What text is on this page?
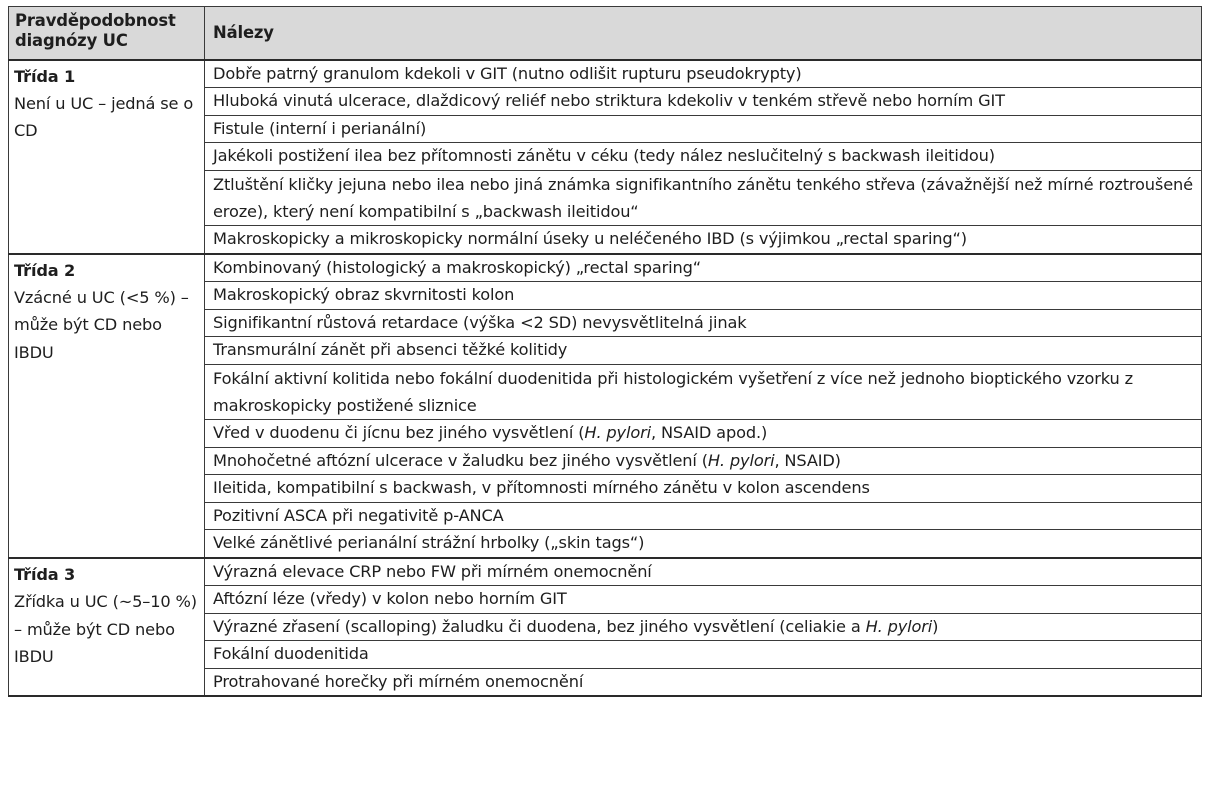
Pravděpodobnost diagnózy UC	Nálezy

Třída 1
Není u UC – jedná se o CD	Dobře patrný granulom kdekoli v GIT (nutno odlišit rupturu pseudokrypty)
	Hluboká vinutá ulcerace, dlaždicový reliéf nebo striktura kdekoliv v tenkém střevě nebo horním GIT
	Fistule (interní i perianální)
	Jakékoli postižení ilea bez přítomnosti zánětu v céku (tedy nález neslučitelný s backwash ileitidou)
	Ztluštění kličky jejuna nebo ilea nebo jiná známka signifikantního zánětu tenkého střeva (závažnější než mírné roztroušené eroze), který není kompatibilní s „backwash ileitidou“
	Makroskopicky a mikroskopicky normální úseky u neléčeného IBD (s výjimkou „rectal sparing“)

Třída 2
Vzácné u UC (<5 %) – může být CD nebo IBDU	Kombinovaný (histologický a makroskopický) „rectal sparing“
	Makroskopický obraz skvrnitosti kolon
	Signifikantní růstová retardace (výška <2 SD) nevysvětlitelná jinak
	Transmurální zánět při absenci těžké kolitidy
	Fokální aktivní kolitida nebo fokální duodenitida při histologickém vyšetření z více než jednoho bioptického vzorku z makroskopicky postižené sliznice
	Vřed v duodenu či jícnu bez jiného vysvětlení (H. pylori, NSAID apod.)
	Mnohočetné aftózní ulcerace v žaludku bez jiného vysvětlení (H. pylori, NSAID)
	Ileitida, kompatibilní s backwash, v přítomnosti mírného zánětu v kolon ascendens
	Pozitivní ASCA při negativitě p-ANCA
	Velké zánětlivé perianální strážní hrbolky („skin tags“)

Třída 3
Zřídka u UC (~5–10 %) – může být CD nebo IBDU	Výrazná elevace CRP nebo FW při mírném onemocnění
	Aftózní léze (vředy) v kolon nebo horním GIT
	Výrazné zřasení (scalloping) žaludku či duodena, bez jiného vysvětlení (celiakie a H. pylori)
	Fokální duodenitida
	Protrahované horečky při mírném onemocnění
